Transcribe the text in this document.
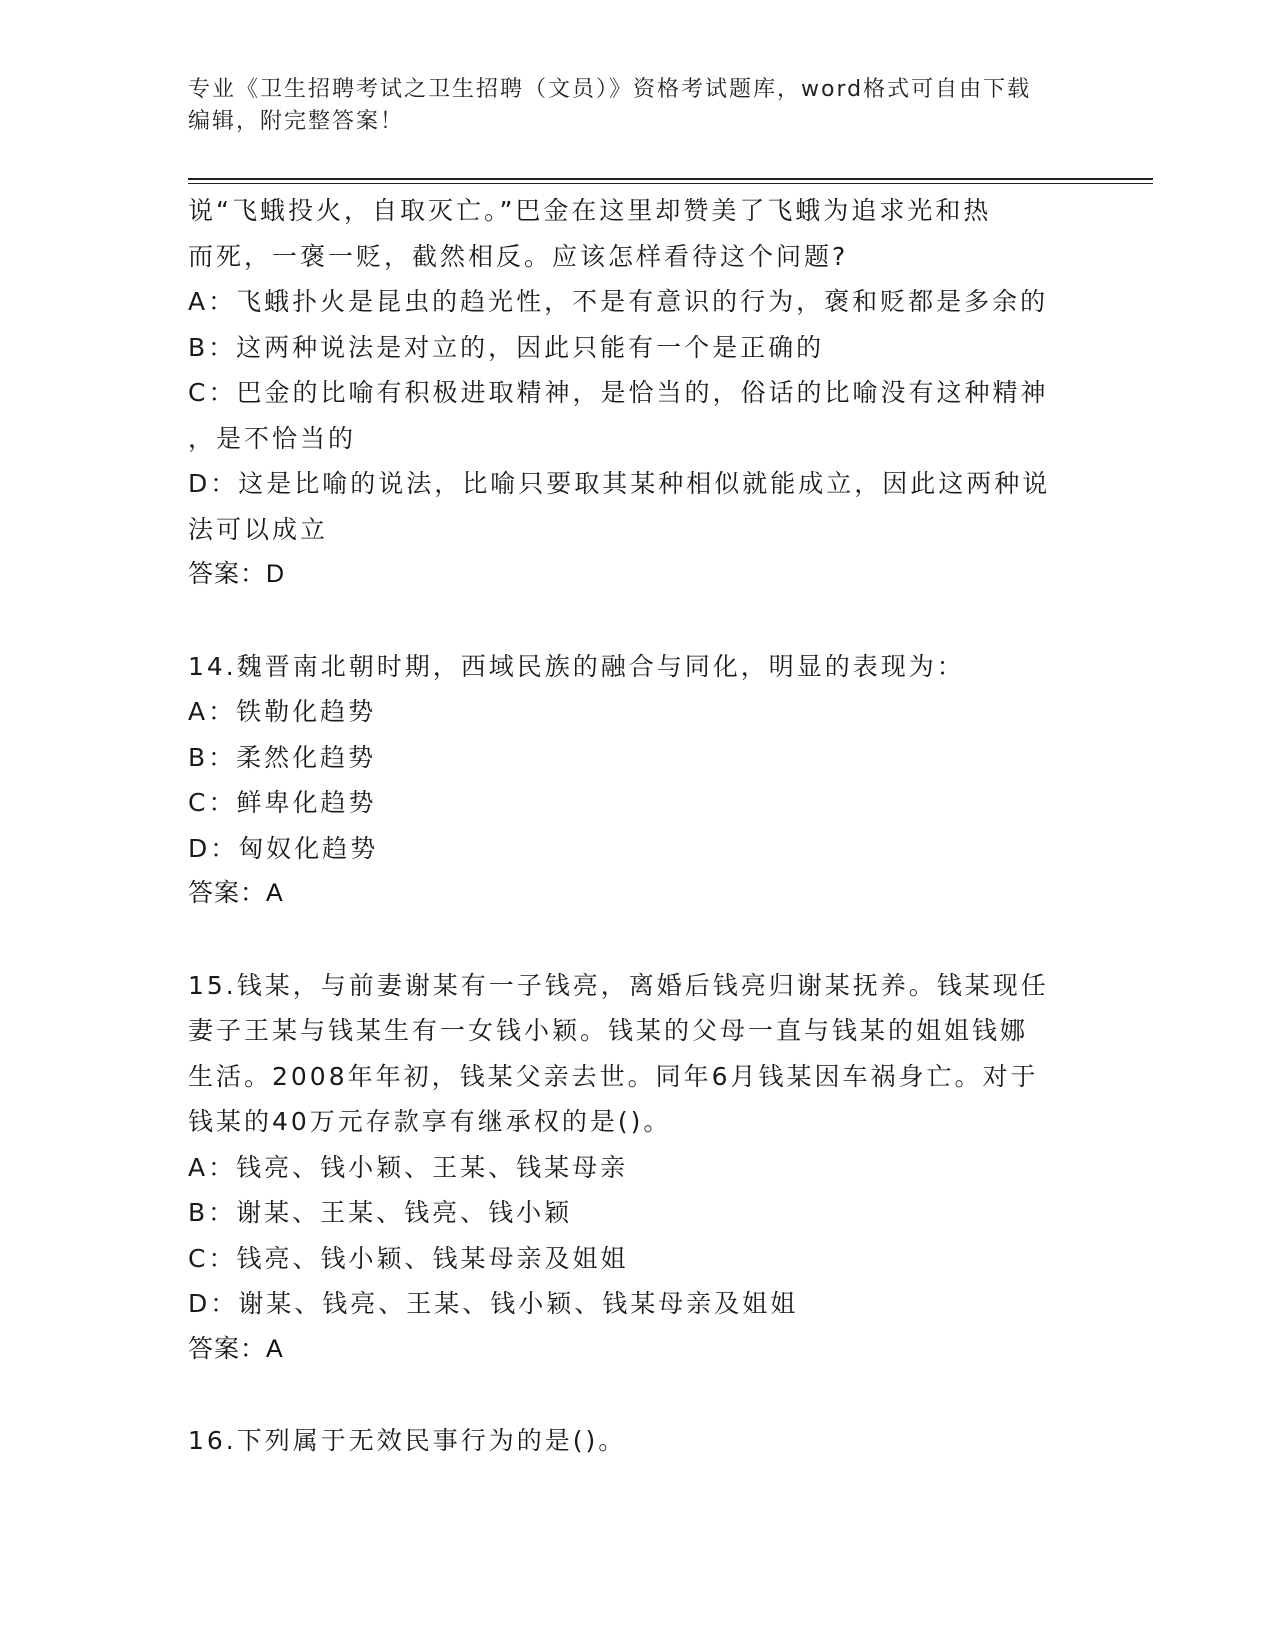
专业《卫生招聘考试之卫生招聘（文员）》资格考试题库，word格式可自由下载
编辑，附完整答案！
说“飞蛾投火，自取灭亡。”巴金在这里却赞美了飞蛾为追求光和热
而死，一褒一贬，截然相反。应该怎样看待这个问题?
A：飞蛾扑火是昆虫的趋光性，不是有意识的行为，褒和贬都是多余的
B：这两种说法是对立的，因此只能有一个是正确的
C：巴金的比喻有积极进取精神，是恰当的，俗话的比喻没有这种精神
，是不恰当的
D：这是比喻的说法，比喻只要取其某种相似就能成立，因此这两种说
法可以成立
答案：D
14.魏晋南北朝时期，西域民族的融合与同化，明显的表现为：
A：铁勒化趋势
B：柔然化趋势
C：鲜卑化趋势
D：匈奴化趋势
答案：A
15.钱某，与前妻谢某有一子钱亮，离婚后钱亮归谢某抚养。钱某现任
妻子王某与钱某生有一女钱小颖。钱某的父母一直与钱某的姐姐钱娜
生活。2008年年初，钱某父亲去世。同年6月钱某因车祸身亡。对于
钱某的40万元存款享有继承权的是()。
A：钱亮、钱小颖、王某、钱某母亲
B：谢某、王某、钱亮、钱小颖
C：钱亮、钱小颖、钱某母亲及姐姐
D：谢某、钱亮、王某、钱小颖、钱某母亲及姐姐
答案：A
16.下列属于无效民事行为的是()。
